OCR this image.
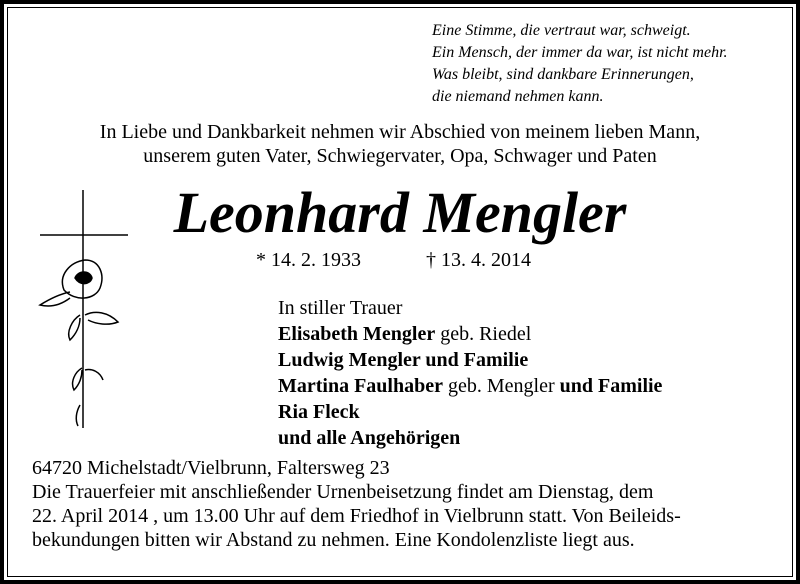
Eine Stimme, die vertraut war, schweigt.
Ein Mensch, der immer da war, ist nicht mehr.
Was bleibt, sind dankbare Erinnerungen,
die niemand nehmen kann.
In Liebe und Dankbarkeit nehmen wir Abschied von meinem lieben Mann,
unserem guten Vater, Schwiegervater, Opa, Schwager und Paten
Leonhard Mengler
* 14. 2. 1933	† 13. 4. 2014
In stiller Trauer
Elisabeth Mengler geb. Riedel
Ludwig Mengler und Familie
Martina Faulhaber geb. Mengler und Familie
Ria Fleck
und alle Angehörigen
64720 Michelstadt/Vielbrunn, Faltersweg 23
Die Trauerfeier mit anschließender Urnenbeisetzung findet am Dienstag, dem
22. April 2014 , um 13.00 Uhr auf dem Friedhof in Vielbrunn statt. Von Beileids-
bekundungen bitten wir Abstand zu nehmen. Eine Kondolenzliste liegt aus.
